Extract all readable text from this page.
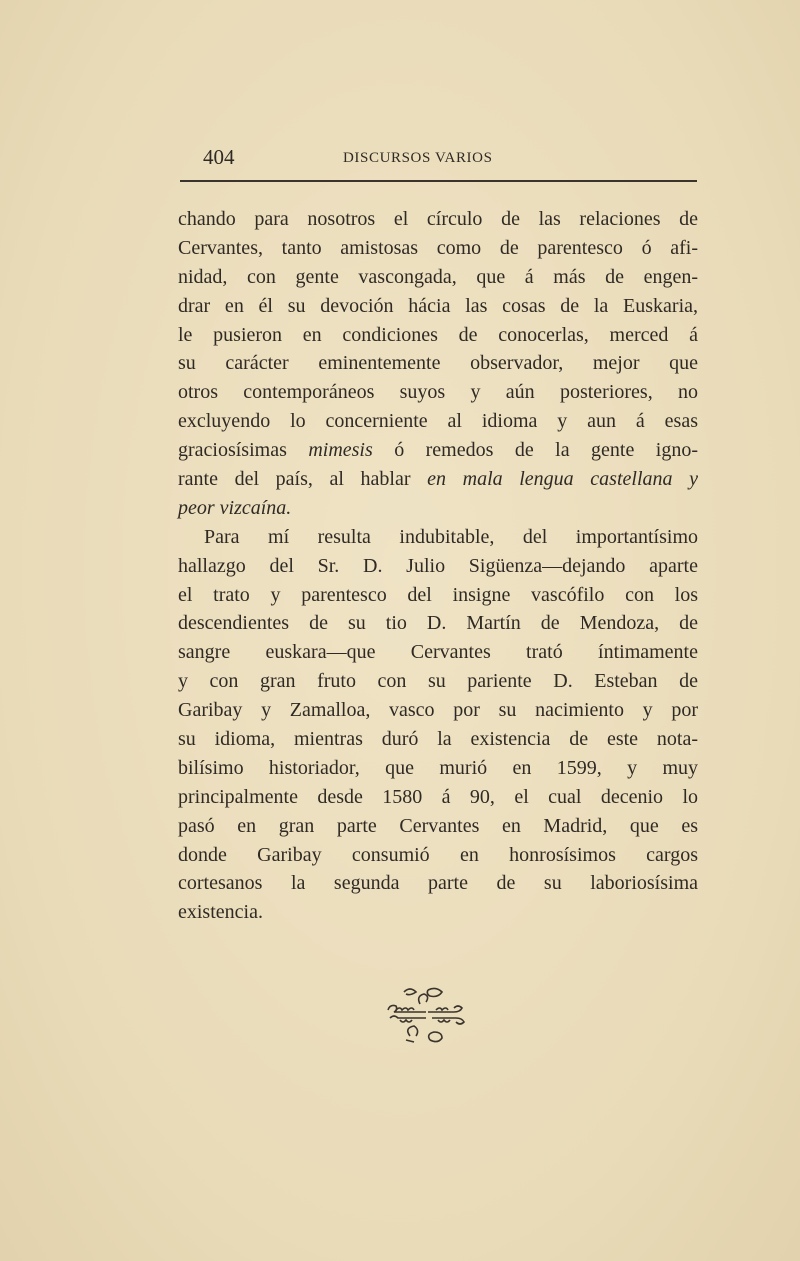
404	DISCURSOS VARIOS
chando para nosotros el círculo de las relaciones de
Cervantes, tanto amistosas como de parentesco ó afi-
nidad, con gente vascongada, que á más de engen-
drar en él su devoción hácia las cosas de la Euskaria,
le pusieron en condiciones de conocerlas, merced á
su carácter eminentemente observador, mejor que
otros contemporáneos suyos y aún posteriores, no
excluyendo lo concerniente al idioma y aun á esas
graciosísimas mimesis ó remedos de la gente igno-
rante del país, al hablar en mala lengua castellana y
peor vizcaína.
Para mí resulta indubitable, del importantísimo
hallazgo del Sr. D. Julio Sigüenza—dejando aparte
el trato y parentesco del insigne vascófilo con los
descendientes de su tio D. Martín de Mendoza, de
sangre euskara—que Cervantes trató íntimamente
y con gran fruto con su pariente D. Esteban de
Garibay y Zamalloa, vasco por su nacimiento y por
su idioma, mientras duró la existencia de este nota-
bilísimo historiador, que murió en 1599, y muy
principalmente desde 1580 á 90, el cual decenio lo
pasó en gran parte Cervantes en Madrid, que es
donde Garibay consumió en honrosísimos cargos
cortesanos la segunda parte de su laboriosísima
existencia.
